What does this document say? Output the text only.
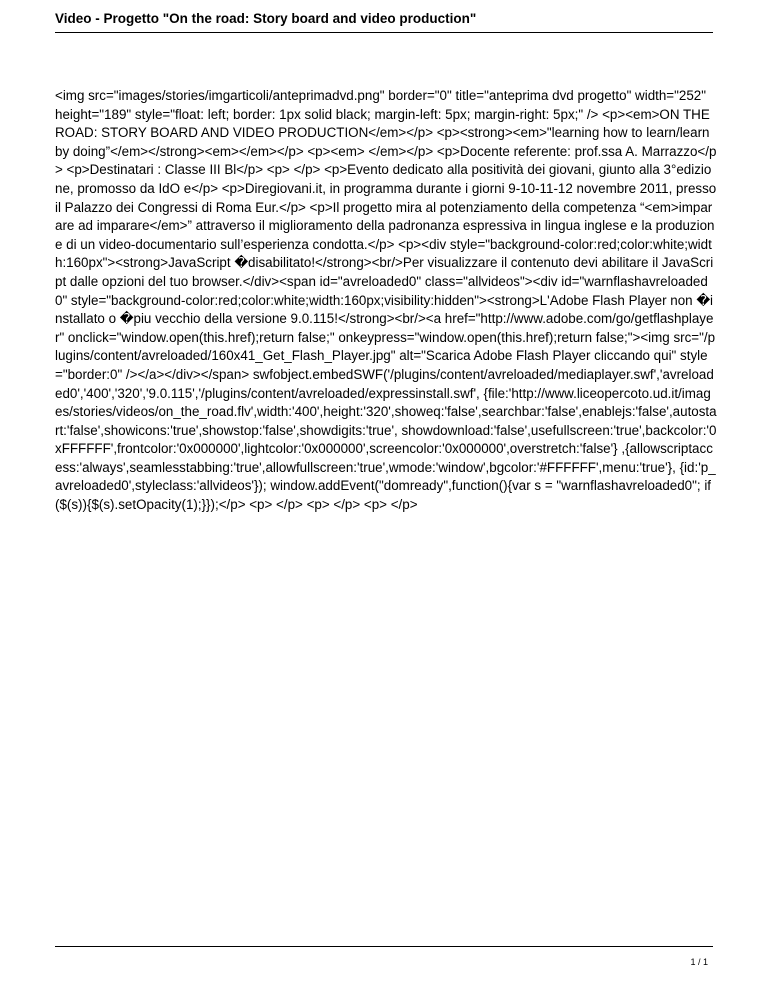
Video - Progetto "On the road: Story board and video production"
<img src="images/stories/imgarticoli/anteprimadvd.png" border="0" title="anteprima dvd progetto" width="252" height="189" style="float: left; border: 1px solid black; margin-left: 5px; margin-right: 5px;" /> <p><em>ON THE ROAD: STORY BOARD AND VIDEO PRODUCTION</em></p> <p><strong><em>"learning how to learn/learn by doing”</em></strong><em></em></p> <p><em> </em></p> <p>Docente referente: prof.ssa A. Marrazzo</p> <p>Destinatari : Classe III Bl</p> <p> </p> <p>Evento dedicato alla positività dei giovani, giunto alla 3°edizione, promosso da IdO e</p> <p>Diregiovani.it, in programma durante i giorni 9-10-11-12 novembre 2011, presso il Palazzo dei Congressi di Roma Eur.</p> <p>Il progetto mira al potenziamento della competenza “<em>imparare ad imparare</em>” attraverso il miglioramento della padronanza espressiva in lingua inglese e la produzione di un video-documentario sull’esperienza condotta.</p> <p><div style="background-color:red;color:white;width:160px"><strong>JavaScript �disabilitato!</strong><br/>Per visualizzare il contenuto devi abilitare il JavaScript dalle opzioni del tuo browser.</div><span id="avreloaded0" class="allvideos"><div id="warnflashavreloaded0" style="background-color:red;color:white;width:160px;visibility:hidden"><strong>L'Adobe Flash Player non �installato o �piu vecchio della versione 9.0.115!</strong><br/><a href="http://www.adobe.com/go/getflashplayer" onclick="window.open(this.href);return false;" onkeypress="window.open(this.href);return false;"><img src="/plugins/content/avreloaded/160x41_Get_Flash_Player.jpg" alt="Scarica Adobe Flash Player cliccando qui" style="border:0" /></a></div></span> swfobject.embedSWF('/plugins/content/avreloaded/mediaplayer.swf','avreloaded0','400','320','9.0.115','/plugins/content/avreloaded/expressinstall.swf', {file:'http://www.liceopercoto.ud.it/images/stories/videos/on_the_road.flv',width:'400',height:'320',showeq:'false',searchbar:'false',enablejs:'false',autostart:'false',showicons:'true',showstop:'false',showdigits:'true', showdownload:'false',usefullscreen:'true',backcolor:'0xFFFFFF',frontcolor:'0x000000',lightcolor:'0x000000',screencolor:'0x000000',overstretch:'false'} ,{allowscriptaccess:'always',seamlesstabbing:'true',allowfullscreen:'true',wmode:'window',bgcolor:'#FFFFFF',menu:'true'}, {id:'p_avreloaded0',styleclass:'allvideos'}); window.addEvent("domready",function(){var s = "warnflashavreloaded0"; if ($(s)){$(s).setOpacity(1);}});</p> <p> </p> <p> </p> <p> </p>
1 / 1
